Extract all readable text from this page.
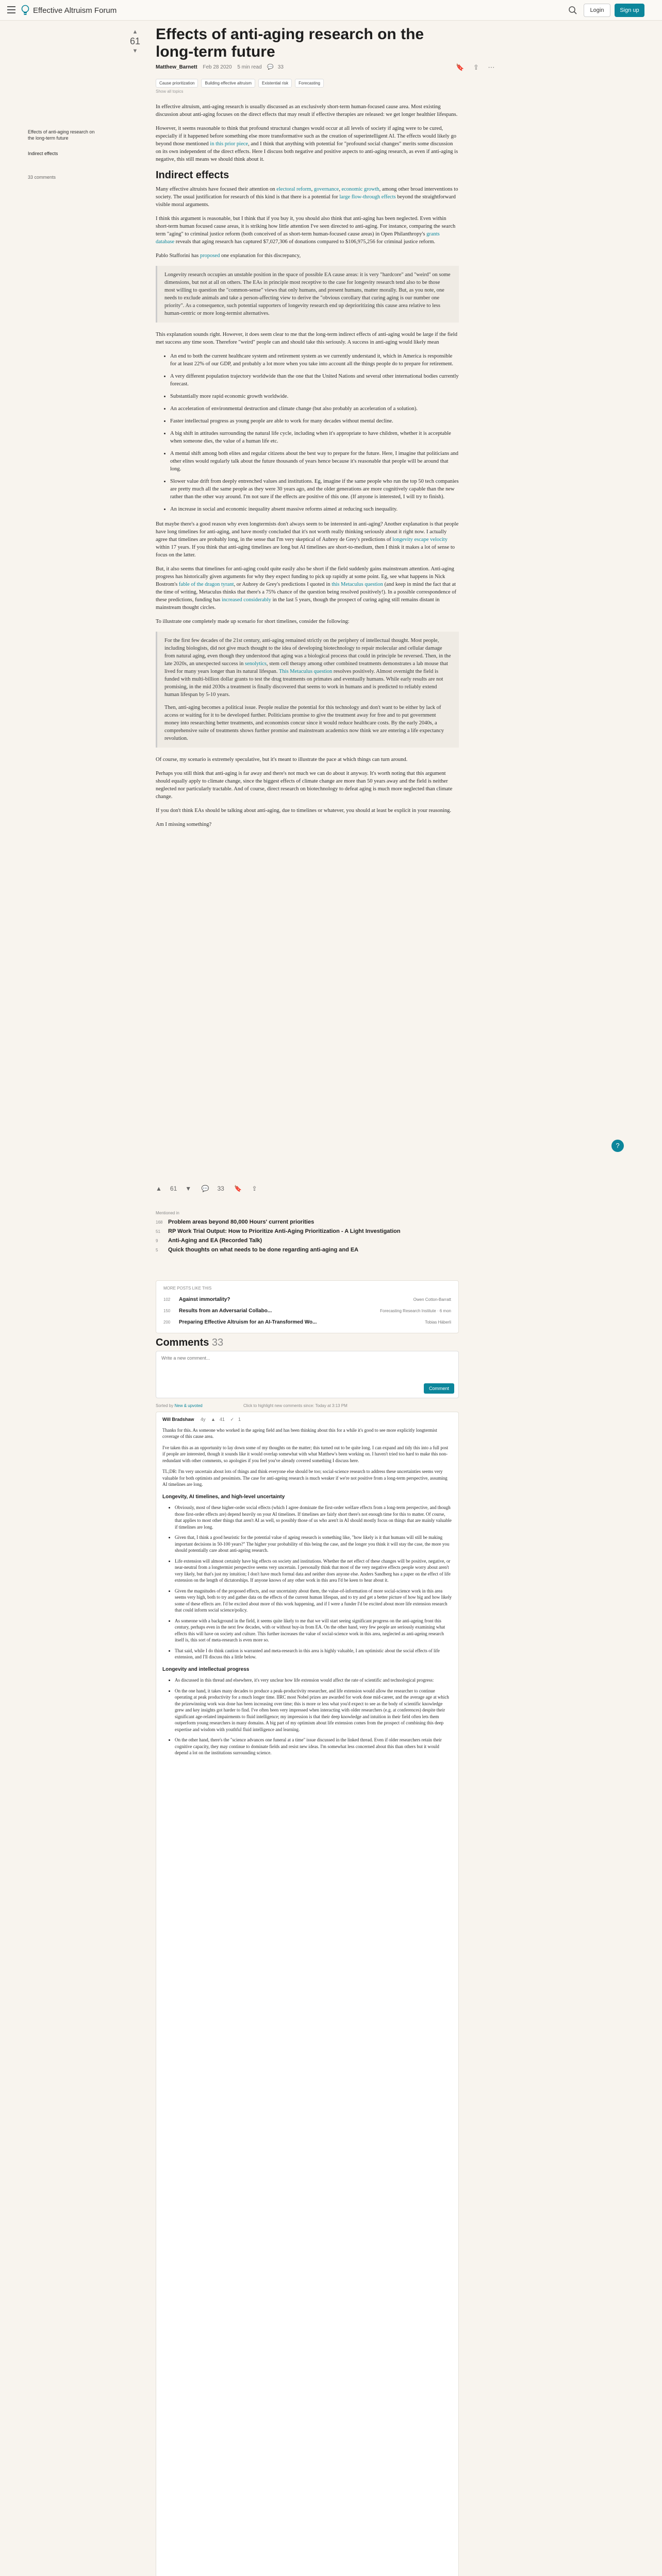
Effective Altruism Forum	Login	Sign up
Effects of anti-aging research on the long-term future
Indirect effects
33 comments
▲
61
▼
Effects of anti-aging research on the long-term future
Matthew_Barnett Feb 28 2020 5 min read 💬 33	🔖 ⇪ ⋯
Cause prioritization	Building effective altruism	Existential risk	Forecasting
Show all topics

In effective altruism, anti-aging research is usually discussed as an exclusively short-term human-focused cause area. Most existing discussion about anti-aging focuses on the direct effects that may result if effective therapies are released: we get longer healthier lifespans.

However, it seems reasonable to think that profound structural changes would occur at all levels of society if aging were to be cured, especially if it happened before something else more transformative such as the creation of superintelligent AI. The effects would likely go beyond those mentioned in this prior piece, and I think that anything with potential for "profound social changes" merits some discussion on its own independent of the direct effects. Here I discuss both negative and positive aspects to anti-aging research, as even if anti-aging is negative, this still means we should think about it.

Indirect effects

Many effective altruists have focused their attention on electoral reform, governance, economic growth, among other broad interventions to society. The usual justification for research of this kind is that there is a potential for large flow-through effects beyond the straightforward visible moral arguments.

I think this argument is reasonable, but I think that if you buy it, you should also think that anti-aging has been neglected. Even within short-term human focused cause areas, it is striking how little attention I've seen directed to anti-aging. For instance, comparing the search term "aging" to criminal justice reform (both conceived of as short-term human-focused cause areas) in Open Philanthropy's grants database reveals that aging research has captured $7,027,306 of donations compared to $106,975,256 for criminal justice reform.

Pablo Stafforini has proposed one explanation for this discrepancy,

Longevity research occupies an unstable position in the space of possible EA cause areas: it is very "hardcore" and "weird" on some dimensions, but not at all on others. The EAs in principle most receptive to the case for longevity research tend also to be those most willing to question the "common-sense" views that only humans, and present humans, matter morally. But, as you note, one needs to exclude animals and take a person-affecting view to derive the "obvious corollary that curing aging is our number one priority". As a consequence, such potential supporters of longevity research end up deprioritizing this cause area relative to less human-centric or more long-termist alternatives.

This explanation sounds right. However, it does seem clear to me that the long-term indirect effects of anti-aging would be large if the field met success any time soon. Therefore "weird" people can and should take this seriously. A success in anti-aging would likely mean

• An end to both the current healthcare system and retirement system as we currently understand it, which in America is responsible for at least 22% of our GDP, and probably a lot more when you take into account all the things people do to prepare for retirement.
• A very different population trajectory worldwide than the one that the United Nations and several other international bodies currently forecast.
• Substantially more rapid economic growth worldwide.
• An acceleration of environmental destruction and climate change (but also probably an acceleration of a solution).
• Faster intellectual progress as young people are able to work for many decades without mental decline.
• A big shift in attitudes surrounding the natural life cycle, including when it's appropriate to have children, whether it is acceptable when someone dies, the value of a human life etc.
• A mental shift among both elites and regular citizens about the best way to prepare for the future. Here, I imagine that politicians and other elites would regularly talk about the future thousands of years hence because it's reasonable that people will be around that long.
• Slower value drift from deeply entrenched values and institutions. Eg, imagine if the same people who run the top 50 tech companies are pretty much all the same people as they were 30 years ago, and the older generations are more cognitively capable than the new rather than the other way around. I'm not sure if the effects are positive of this one. (If anyone is interested, I will try to finish).
• An increase in social and economic inequality absent massive reforms aimed at reducing such inequality.

But maybe there's a good reason why even longtermists don't always seem to be interested in anti-aging? Another explanation is that people have long timelines for anti-aging, and have mostly concluded that it's not worth really thinking seriously about it right now. I actually agree that timelines are probably long, in the sense that I'm very skeptical of Aubrey de Grey's predictions of longevity escape velocity within 17 years. If you think that anti-aging timelines are long but AI timelines are short-to-medium, then I think it makes a lot of sense to focus on the latter.

But, it also seems that timelines for anti-aging could quite easily also be short if the field suddenly gains mainstream attention. Anti-aging progress has historically given arguments for why they expect funding to pick up rapidly at some point. Eg, see what happens in Nick Bostrom's fable of the dragon tyrant, or Aubrey de Grey's predictions I quoted in this Metaculus question (and keep in mind the fact that at the time of writing, Metaculus thinks that there's a 75% chance of the question being resolved positively!). In a possible correspondence of these predictions, funding has increased considerably in the last 5 years, though the prospect of curing aging still remains distant in mainstream thought circles.

To illustrate one completely made up scenario for short timelines, consider the following:

For the first few decades of the 21st century, anti-aging remained strictly on the periphery of intellectual thought. Most people, including biologists, did not give much thought to the idea of developing biotechnology to repair molecular and cellular damage from natural aging, even though they understood that aging was a biological process that could in principle be reversed. Then, in the late 2020s, an unexpected success in senolytics, stem cell therapy among other combined treatments demonstrates a lab mouse that lived for many years longer than its natural lifespan. This Metaculus question resolves positively. Almost overnight the field is funded with multi-billion dollar grants to test the drug treatments on primates and eventually humans. While early results are not promising, in the mid 2030s a treatment is finally discovered that seems to work in humans and is predicted to reliably extend human lifespan by 5-10 years.

Then, anti-aging becomes a political issue. People realize the potential for this technology and don't want to be either by lack of access or waiting for it to be developed further. Politicians promise to give the treatment away for free and to put government money into researching better treatments, and economists concur since it would reduce healthcare costs. By the early 2040s, a comprehensive suite of treatments shows further promise and mainstream academics now think we are entering a life expectancy revolution.

Of course, my scenario is extremely speculative, but it's meant to illustrate the pace at which things can turn around.

Perhaps you still think that anti-aging is far away and there's not much we can do about it anyway. It's worth noting that this argument should equally apply to climate change, since the biggest effects of climate change are more than 50 years away and the field is neither neglected nor particularly tractable. And of course, direct research on biotechnology to defeat aging is much more neglected than climate change.

If you don't think EAs should be talking about anti-aging, due to timelines or whatever, you should at least be explicit in your reasoning.

Am I missing something?

?
▲ 61 ▼ 💬 33 🔖 ⇪
Mentioned in
168 Problem areas beyond 80,000 Hours' current priorities
51	RP Work Trial Output: How to Prioritize Anti-Aging Prioritization - A Light Investigation
9	Anti-Aging and EA (Recorded Talk)
5	Quick thoughts on what needs to be done regarding anti-aging and EA
MORE POSTS LIKE THIS
102	Against immortality?	Owen Cotton-Barratt
150	Results from an Adversarial Collabo...	Forecasting Research Institute · 6 mon
200	Preparing Effective Altruism for an AI-Transformed Wo...	Tobias Häberli
Comments 33
Write a new comment...
Comment
Sorted by New & upvoted	Click to highlight new comments since: Today at 3:13 PM
Will Bradshaw 4y ▲ 41 ✓ 1

Thanks for this. As someone who worked in the ageing field and has been thinking about this for a while it's good to see more explicitly longtermist coverage of this cause area.

I've taken this as an opportunity to lay down some of my thoughts on the matter; this turned out to be quite long. I can expand and tidy this into a full post if people are interested, though it sounds like it would overlap somewhat with what Matthew's been working on. I haven't tried too hard to make this non-redundant with other comments, so apologies if you feel you've already covered something I discuss here.

TL;DR: I'm very uncertain about lots of things and think everyone else should be too; social-science research to address these uncertainties seems very valuable for both optimists and pessimists. The case for anti-ageing research is much weaker if we're not positive from a long-term perspective, assuming AI timelines are long.

Longevity, AI timelines, and high-level uncertainty
• Obviously, most of these higher-order social effects (which I agree dominate the first-order welfare effects from a long-term perspective, and though those first-order effects are) depend heavily on your AI timelines. If timelines are fairly short there's not enough time for this to matter. Of course, that applies to most other things that aren't AI as well, so possibly those of us who aren't in AI should mostly focus on things that are mainly valuable if timelines are long.
• Given that, I think a good heuristic for the potential value of ageing research is something like, "how likely is it that humans will still be making important decisions in 50-100 years?" The higher your probability of this being the case, and the longer you think it will stay the case, the more you should potentially care about anti-ageing research.
• Life extension will almost certainly have big effects on society and institutions. Whether the net effect of these changes will be positive, negative, or near-neutral from a longtermist perspective seems very uncertain. I personally think that most of the very negative effects people worry about aren't very likely, but that's just my intuition; I don't have much formal data and neither does anyone else. Anders Sandberg has a paper on the effect of life extension on the length of dictatorships. If anyone knows of any other work in this area I'd be keen to hear about it.
• Given the magnitudes of the proposed effects, and our uncertainty about them, the value-of-information of more social-science work in this area seems very high, both to try and gather data on the effects of the current human lifespan, and to try and get a better picture of how big and how likely some of these effects are. I'd be excited about more of this work happening, and if I were a funder I'd be excited about more life extension research that could inform social science/policy.
• As someone with a background in the field, it seems quite likely to me that we will start seeing significant progress on the anti-ageing front this century, perhaps even in the next few decades, with or without buy-in from EA. On the other hand, very few people are seriously examining what effects this will have on society and culture. This further increases the value of social-science work in this area, neglected as anti-ageing research itself is, this sort of meta-research is even more so.
• That said, while I do think caution is warranted and meta-research in this area is highly valuable, I am optimistic about the social effects of life extension, and I'll discuss this a little below.
Longevity and intellectual progress
• As discussed in this thread and elsewhere, it's very unclear how life extension would affect the rate of scientific and technological progress:
• On the one hand, it takes many decades to produce a peak-productivity researcher, and life extension would allow the researcher to continue operating at peak productivity for a much longer time. IIRC most Nobel prizes are awarded for work done mid-career, and the average age at which the prizewinning work was done has been increasing over time; this is more or less what you'd expect to see as the body of scientific knowledge grew and key insights got harder to find. I've often been very impressed when interacting with older researchers (e.g. at conferences) despite their significant age-related impairments to fluid intelligence; my impression is that their deep knowledge and intuition in their field often lets them outperform young researchers in many domains. A big part of my optimism about life extension comes from the prospect of combining this deep expertise and wisdom with youthful fluid intelligence and learning.
• On the other hand, there's the "science advances one funeral at a time" issue discussed in the linked thread. Even if older researchers retain their cognitive capacity, they may continue to dominate fields and resist new ideas. I'm somewhat less concerned about this than others but it would depend a lot on the institutions surrounding science.
